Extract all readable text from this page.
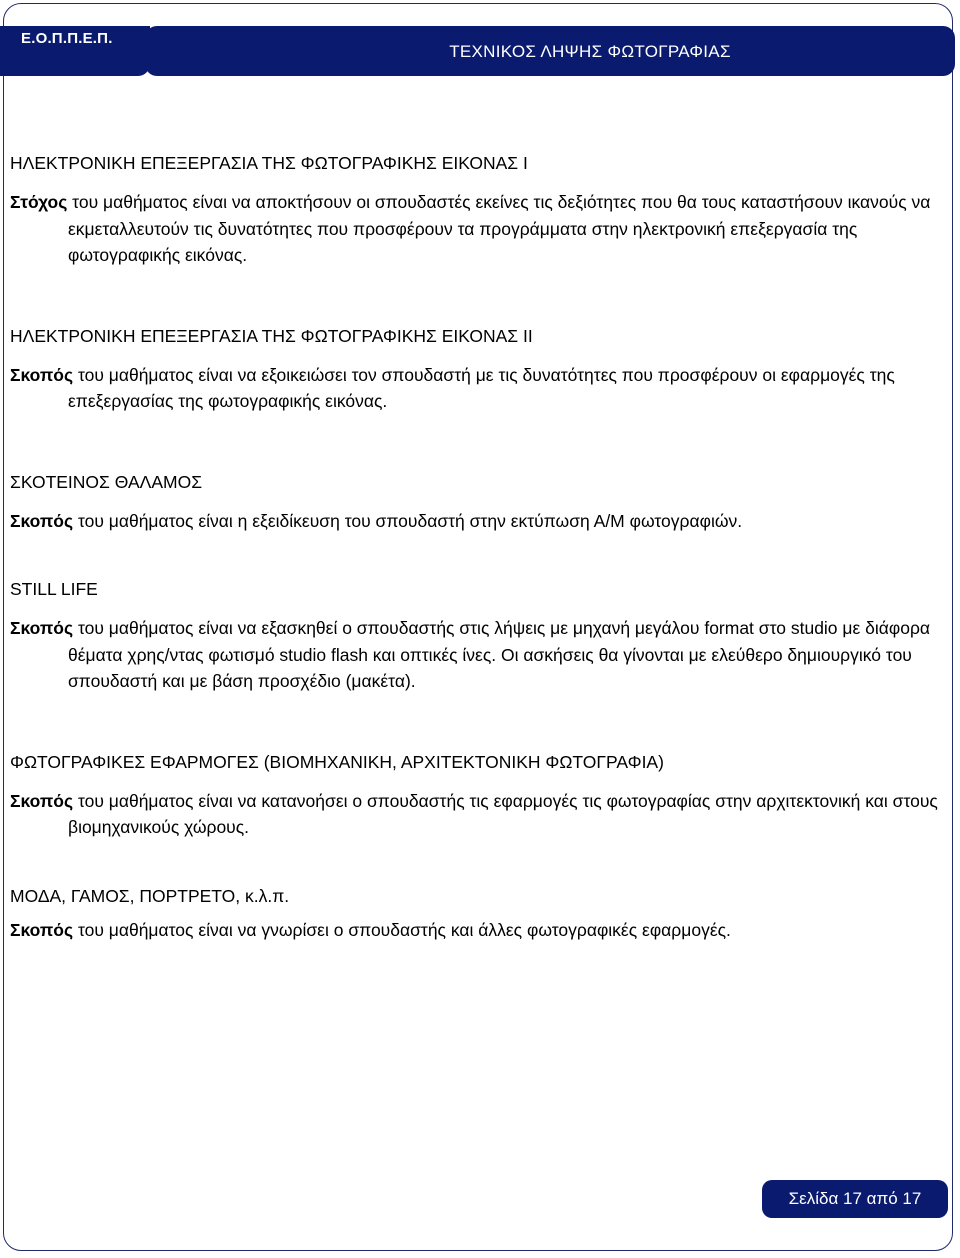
ΤΕΧΝΙΚΟΣ ΛΗΨΗΣ ΦΩΤΟΓΡΑΦΙΑΣ
Ε.Ο.Π.Π.Ε.Π.
ΗΛΕΚΤΡΟΝΙΚΗ ΕΠΕΞΕΡΓΑΣΙΑ ΤΗΣ ΦΩΤΟΓΡΑΦΙΚΗΣ ΕΙΚΟΝΑΣ Ι

Στόχος του μαθήματος είναι να αποκτήσουν οι σπουδαστές εκείνες τις δεξιότητες που θα τους καταστήσουν ικανούς να εκμεταλλευτούν τις δυνατότητες που προσφέρουν τα προγράμματα στην ηλεκτρονική επεξεργασία της φωτογραφικής εικόνας.

ΗΛΕΚΤΡΟΝΙΚΗ ΕΠΕΞΕΡΓΑΣΙΑ ΤΗΣ ΦΩΤΟΓΡΑΦΙΚΗΣ ΕΙΚΟΝΑΣ ΙΙ

Σκοπός του μαθήματος είναι να εξοικειώσει τον σπουδαστή με τις δυνατότητες που προσφέρουν οι εφαρμογές της επεξεργασίας της φωτογραφικής εικόνας.

ΣΚΟΤΕΙΝΟΣ ΘΑΛΑΜΟΣ

Σκοπός του μαθήματος είναι η εξειδίκευση του σπουδαστή στην εκτύπωση Α/Μ φωτογραφιών.

STILL LIFE

Σκοπός του μαθήματος είναι να εξασκηθεί ο σπουδαστής στις λήψεις με μηχανή μεγάλου format στο studio με διάφορα θέματα χρης/ντας φωτισμό studio flash και οπτικές ίνες. Οι ασκήσεις θα γίνονται με ελεύθερο δημιουργικό του σπουδαστή και με βάση προσχέδιο (μακέτα).

ΦΩΤΟΓΡΑΦΙΚΕΣ ΕΦΑΡΜΟΓΕΣ (ΒΙΟΜΗΧΑΝΙΚΗ, ΑΡΧΙΤΕΚΤΟΝΙΚΗ ΦΩΤΟΓΡΑΦΙΑ)

Σκοπός του μαθήματος είναι να κατανοήσει ο σπουδαστής τις εφαρμογές τις φωτογραφίας στην αρχιτεκτονική και στους βιομηχανικούς χώρους.

ΜΟΔΑ, ΓΑΜΟΣ, ΠΟΡΤΡΕΤΟ, κ.λ.π.

Σκοπός του μαθήματος είναι να γνωρίσει ο σπουδαστής και άλλες φωτογραφικές εφαρμογές.

Σελίδα 17 από 17
